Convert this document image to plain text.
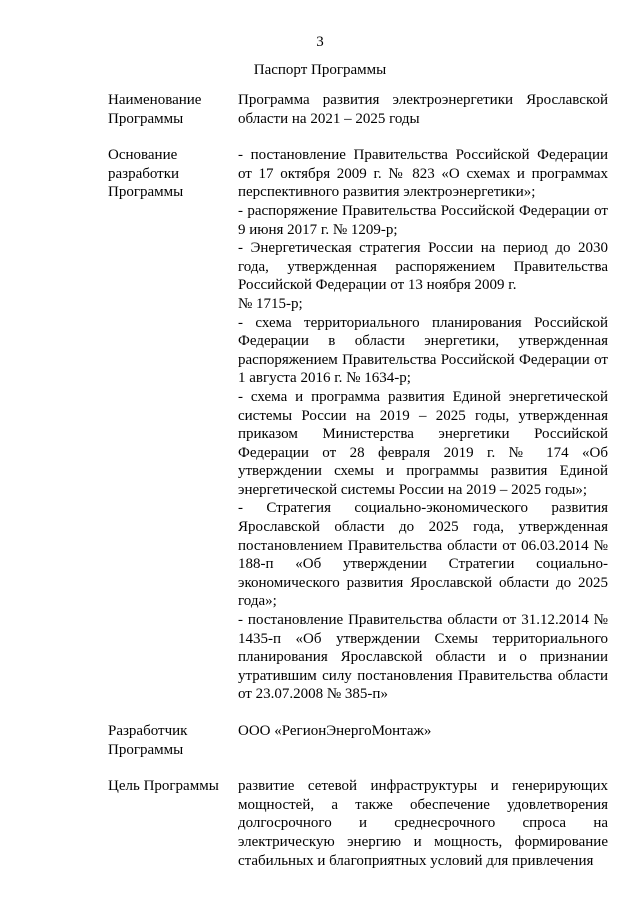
3
Паспорт Программы
Наименование
Программы

Программа развития электроэнергетики Ярославской области на 2021 – 2025 годы

Основание
разработки
Программы

- постановление Правительства Российской Федерации от 17 октября 2009 г. № 823 «О схемах и программах перспективного развития электроэнергетики»;

- распоряжение Правительства Российской Федерации от 9 июня 2017 г. № 1209-р;

- Энергетическая стратегия России на период до 2030 года, утвержденная распоряжением Правительства Российской Федерации от 13 ноября 2009 г.

№ 1715-р;

- схема территориального планирования Российской Федерации в области энергетики, утвержденная распоряжением Правительства Российской Федерации от 1 августа 2016 г. № 1634-р;

- схема и программа развития Единой энергетической системы России на 2019 – 2025 годы, утвержденная приказом Министерства энергетики Российской Федерации от 28 февраля 2019 г. № 174 «Об утверждении схемы и программы развития Единой энергетической системы России на 2019 – 2025 годы»;

- Стратегия социально-экономического развития Ярославской области до 2025 года, утвержденная постановлением Правительства области от 06.03.2014 № 188-п «Об утверждении Стратегии социально-экономического развития Ярославской области до 2025 года»;

- постановление Правительства области от 31.12.2014 № 1435-п «Об утверждении Схемы территориального планирования Ярославской области и о признании утратившим силу постановления Правительства области от 23.07.2008 № 385-п»

Разработчик
Программы

ООО «РегионЭнергоМонтаж»

Цель Программы	развитие сетевой инфраструктуры и генерирующих мощностей, а также обеспечение удовлетворения долгосрочного и среднесрочного спроса на электрическую энергию и мощность, формирование стабильных и благоприятных условий для привлечения
